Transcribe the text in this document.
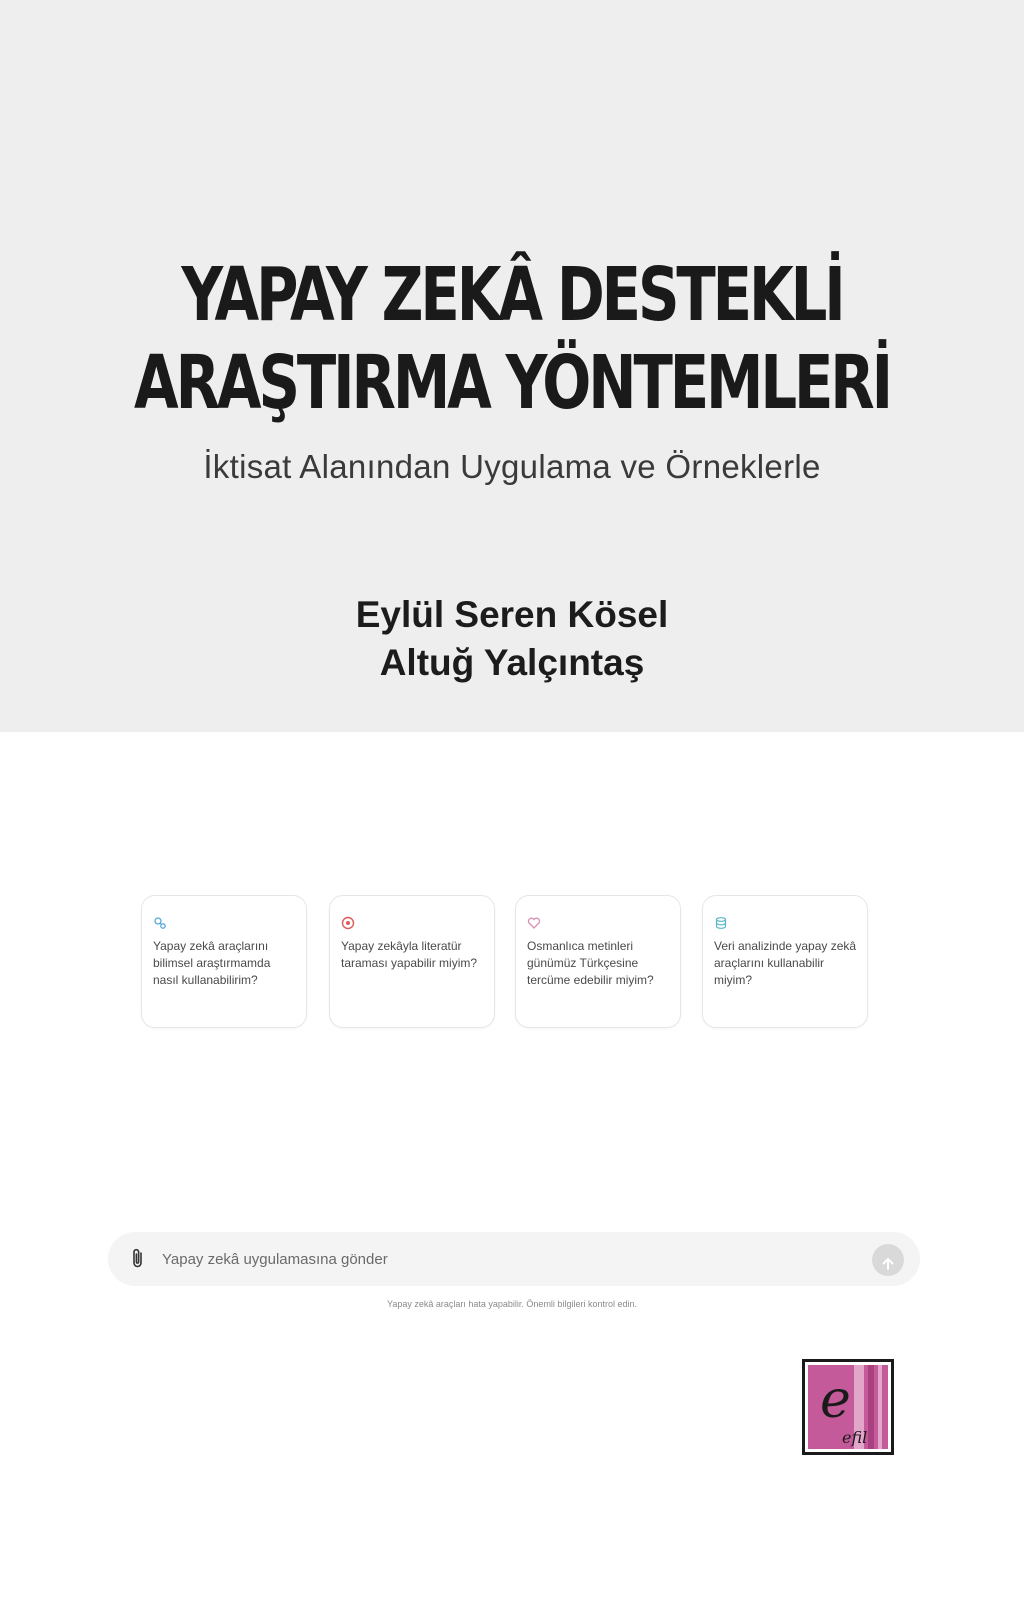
YAPAY ZEKÂ DESTEKLİ
ARAŞTIRMA YÖNTEMLERİ
İktisat Alanından Uygulama ve Örneklerle
Eylül Seren Kösel
Altuğ Yalçıntaş
Yapay zekâ araçlarını bilimsel araştırmamda nasıl kullanabilirim?
Yapay zekâyla literatür taraması yapabilir miyim?
Osmanlıca metinleri günümüz Türkçesine tercüme edebilir miyim?
Veri analizinde yapay zekâ araçlarını kullanabilir miyim?
Yapay zekâ uygulamasına gönder
Yapay zekâ araçları hata yapabilir. Önemli bilgileri kontrol edin.
e
efil
